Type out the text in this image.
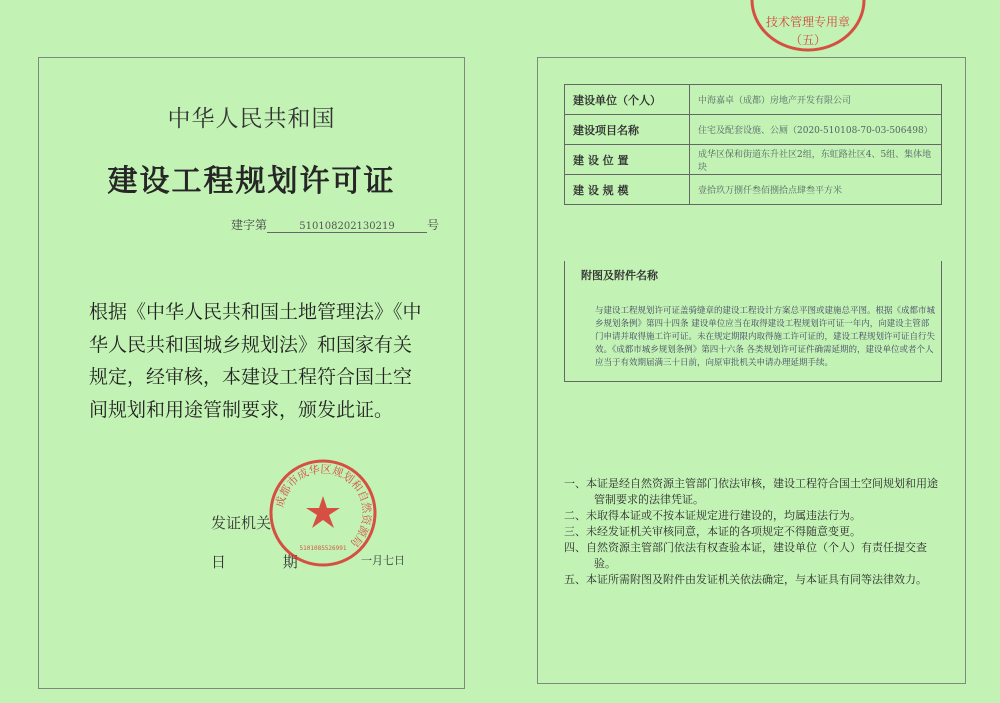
中华人民共和国
建设工程规划许可证
建字第	510108202130219	号
根据《中华人民共和国土地管理法》《中华人民共和国城乡规划法》和国家有关规定，经审核，本建设工程符合国土空间规划和用途管制要求，颁发此证。
发证机关
日 期	一月七日
成都市成华区规划和自然资源局
5101085526991
建设单位（个人）	中海嘉卓（成都）房地产开发有限公司
建设项目名称	住宅及配套设施、公厕（2020-510108-70-03-506498）
建 设 位 置	成华区保和街道东升社区2组，东虹路社区4、5组、集体地块
建 设 规 模	壹拾玖万捌仟叁佰捌拾点肆叁平方米
附图及附件名称
与建设工程规划许可证盖骑缝章的建设工程设计方案总平图或建施总平图。根据《成都市城乡规划条例》第四十四条 建设单位应当在取得建设工程规划许可证一年内，向建设主管部门申请并取得施工许可证。未在规定期限内取得施工许可证的，建设工程规划许可证自行失效。《成都市城乡规划条例》第四十六条 各类规划许可证件确需延期的，建设单位或者个人应当于有效期届满三十日前，向原审批机关申请办理延期手续。
一、本证是经自然资源主管部门依法审核，建设工程符合国土空间规划和用途管制要求的法律凭证。
二、未取得本证或不按本证规定进行建设的，均属违法行为。
三、未经发证机关审核同意，本证的各项规定不得随意变更。
四、自然资源主管部门依法有权查验本证，建设单位（个人）有责任提交查验。
五、本证所需附图及附件由发证机关依法确定，与本证具有同等法律效力。
技术管理专用章
（五）
